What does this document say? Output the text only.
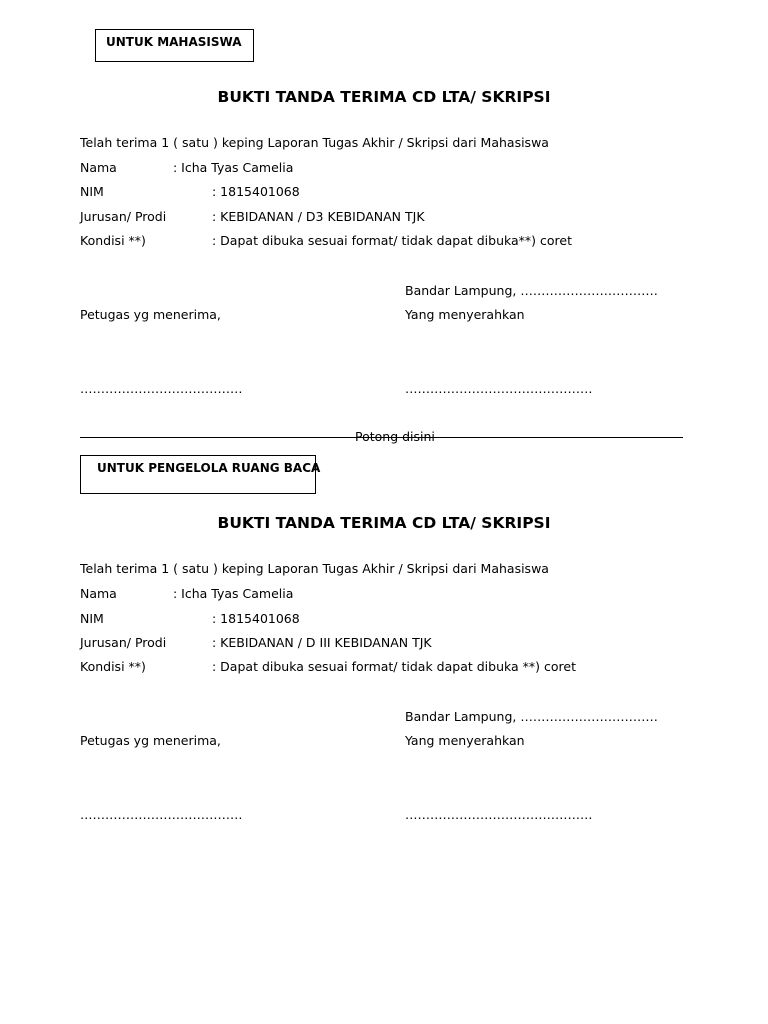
UNTUK MAHASISWA
BUKTI TANDA TERIMA CD LTA/ SKRIPSI
Telah terima 1 ( satu ) keping Laporan Tugas Akhir / Skripsi dari Mahasiswa
Nama	: Icha Tyas Camelia
NIM	: 1815401068
Jurusan/ Prodi	: KEBIDANAN / D3 KEBIDANAN TJK
Kondisi **)	: Dapat dibuka sesuai format/ tidak dapat dibuka**) coret
Bandar Lampung, ……………………………
Petugas yg menerima,	Yang menyerahkan
…………………………………	………………………………………
Potong disini
UNTUK PENGELOLA RUANG BACA
BUKTI TANDA TERIMA CD LTA/ SKRIPSI
Telah terima 1 ( satu ) keping Laporan Tugas Akhir / Skripsi dari Mahasiswa
Nama	: Icha Tyas Camelia
NIM	: 1815401068
Jurusan/ Prodi	: KEBIDANAN / D III KEBIDANAN TJK
Kondisi **)	: Dapat dibuka sesuai format/ tidak dapat dibuka **) coret
Bandar Lampung, ……………………………
Petugas yg menerima,	Yang menyerahkan
…………………………………	………………………………………
